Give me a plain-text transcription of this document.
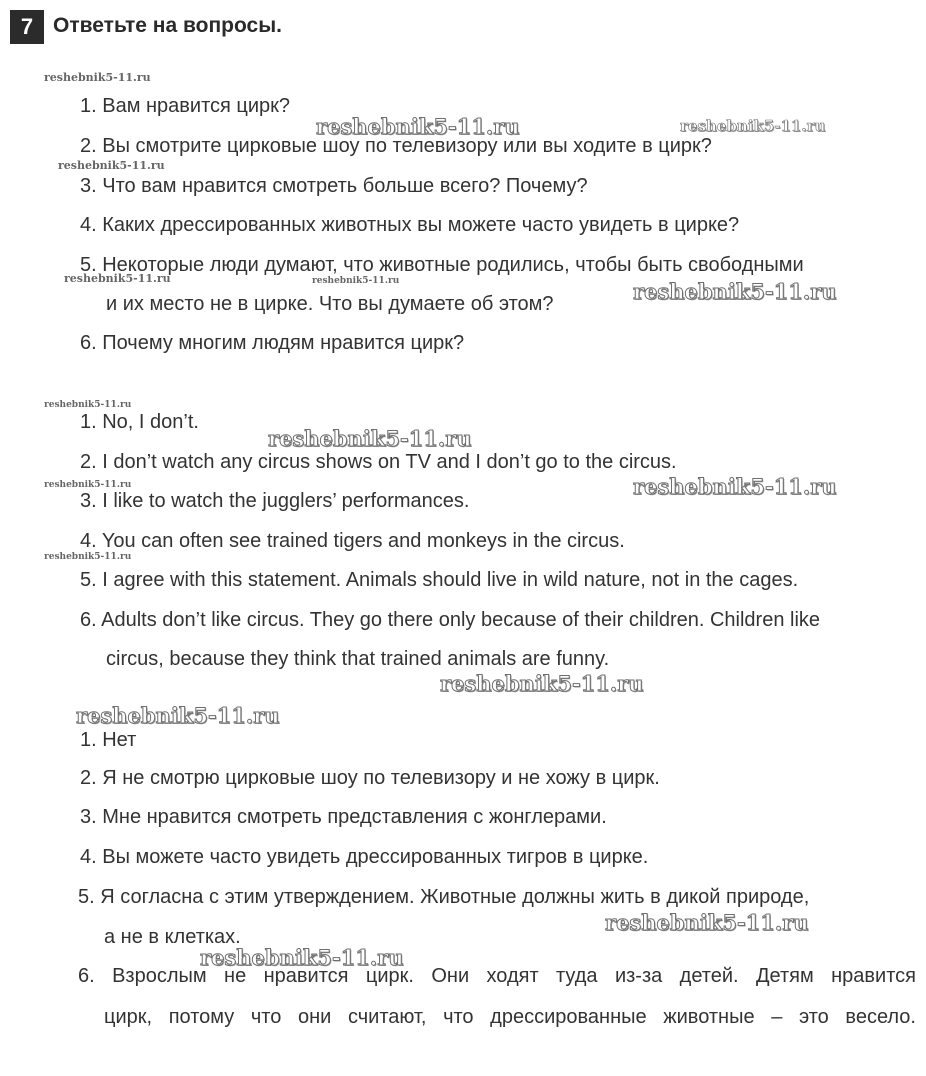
7 Ответьте на вопросы.
1. Вам нравится цирк?
2. Вы смотрите цирковые шоу по телевизору или вы ходите в цирк?
3. Что вам нравится смотреть больше всего? Почему?
4. Каких дрессированных животных вы можете часто увидеть в цирке?
5. Некоторые люди думают, что животные родились, чтобы быть свободными
и их место не в цирке. Что вы думаете об этом?
6. Почему многим людям нравится цирк?
1. No, I don’t.
2. I don’t watch any circus shows on TV and I don’t go to the circus.
3. I like to watch the jugglers’ performances.
4. You can often see trained tigers and monkeys in the circus.
5. I agree with this statement. Animals should live in wild nature, not in the cages.
6. Adults don’t like circus. They go there only because of their children. Children like
circus, because they think that trained animals are funny.
1. Нет
2. Я не смотрю цирковые шоу по телевизору и не хожу в цирк.
3. Мне нравится смотреть представления с жонглерами.
4. Вы можете часто увидеть дрессированных тигров в цирке.
5. Я согласна с этим утверждением. Животные должны жить в дикой природе,
а не в клетках.
6. Взрослым не нравится цирк. Они ходят туда из-за детей. Детям нравится
цирк, потому что они считают, что дрессированные животные – это весело.
reshebnik5-11.ru
reshebnik5-11.ru	reshebnik5-11.ru
reshebnik5-11.ru
reshebnik5-11.ru	reshebnik5-11.ru	reshebnik5-11.ru
reshebnik5-11.ru
reshebnik5-11.ru
reshebnik5-11.ru	reshebnik5-11.ru
reshebnik5-11.ru
reshebnik5-11.ru
reshebnik5-11.ru
reshebnik5-11.ru
reshebnik5-11.ru
